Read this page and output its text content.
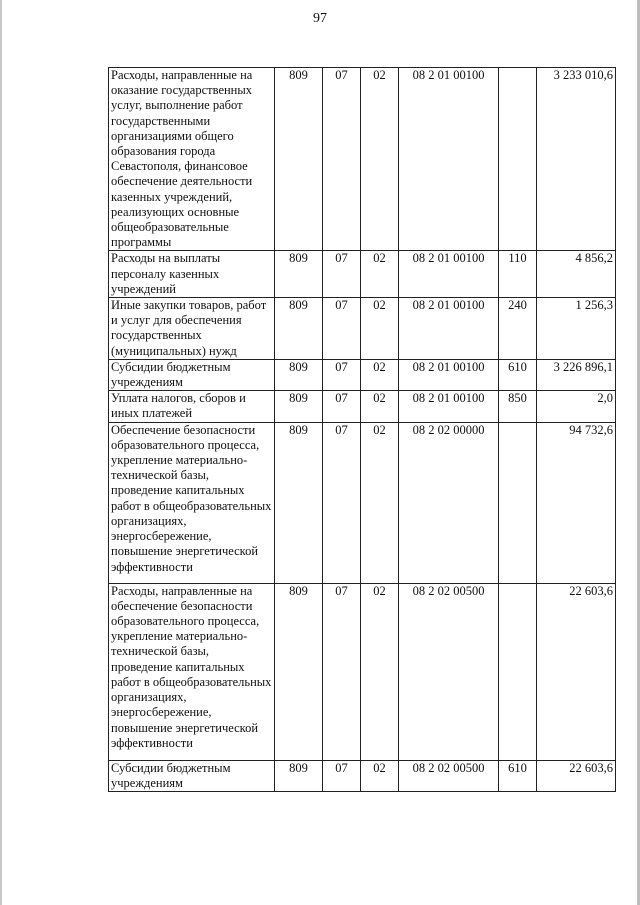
97
Расходы, направленные на оказание государственных услуг, выполнение работ государственными организациями общего образования города Севастополя, финансовое обеспечение деятельности казенных учреждений, реализующих основные общеобразовательные программы	809	07	02	08 2 01 00100		3 233 010,6
Расходы на выплаты персоналу казенных учреждений	809	07	02	08 2 01 00100	110	4 856,2
Иные закупки товаров, работ и услуг для обеспечения государственных (муниципальных) нужд	809	07	02	08 2 01 00100	240	1 256,3
Субсидии бюджетным учреждениям	809	07	02	08 2 01 00100	610	3 226 896,1
Уплата налогов, сборов и иных платежей	809	07	02	08 2 01 00100	850	2,0
Обеспечение безопасности образовательного процесса, укрепление материально-технической базы, проведение капитальных работ в общеобразовательных организациях, энергосбережение, повышение энергетической эффективности	809	07	02	08 2 02 00000		94 732,6
Расходы, направленные на обеспечение безопасности образовательного процесса, укрепление материально-технической базы, проведение капитальных работ в общеобразовательных организациях, энергосбережение, повышение энергетической эффективности	809	07	02	08 2 02 00500		22 603,6
Субсидии бюджетным учреждениям	809	07	02	08 2 02 00500	610	22 603,6
